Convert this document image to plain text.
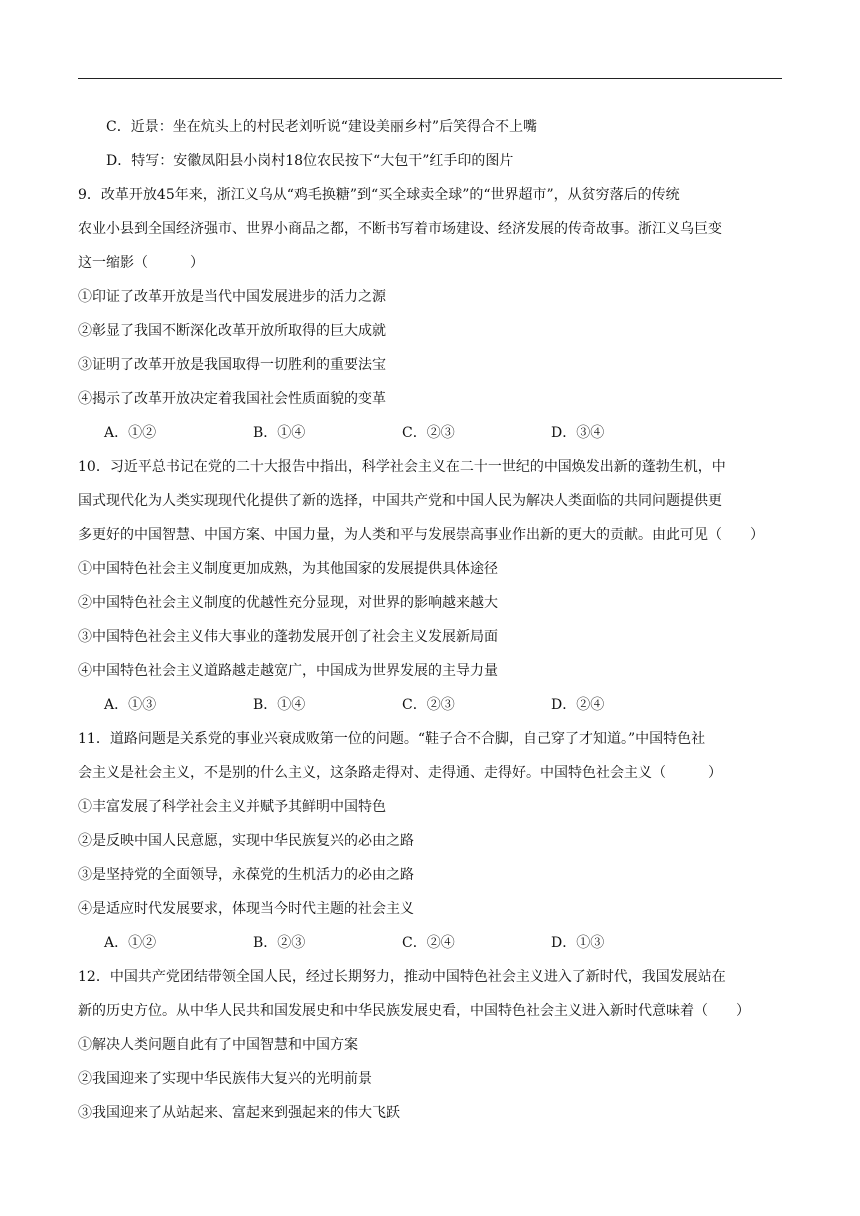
C．近景：坐在炕头上的村民老刘听说“建设美丽乡村”后笑得合不上嘴
D．特写：安徽凤阳县小岗村18位农民按下“大包干”红手印的图片
9．改革开放45年来，浙江义乌从“鸡毛换糖”到“买全球卖全球”的“世界超市”，从贫穷落后的传统
农业小县到全国经济强市、世界小商品之都，不断书写着市场建设、经济发展的传奇故事。浙江义乌巨变
这一缩影（　　　）
①印证了改革开放是当代中国发展进步的活力之源
②彰显了我国不断深化改革开放所取得的巨大成就
③证明了改革开放是我国取得一切胜利的重要法宝
④揭示了改革开放决定着我国社会性质面貌的变革
A．①②	B．①④	C．②③	D．③④
10．习近平总书记在党的二十大报告中指出，科学社会主义在二十一世纪的中国焕发出新的蓬勃生机，中
国式现代化为人类实现现代化提供了新的选择，中国共产党和中国人民为解决人类面临的共同问题提供更
多更好的中国智慧、中国方案、中国力量，为人类和平与发展崇高事业作出新的更大的贡献。由此可见（　　）
①中国特色社会主义制度更加成熟，为其他国家的发展提供具体途径
②中国特色社会主义制度的优越性充分显现，对世界的影响越来越大
③中国特色社会主义伟大事业的蓬勃发展开创了社会主义发展新局面
④中国特色社会主义道路越走越宽广，中国成为世界发展的主导力量
A．①③	B．①④	C．②③	D．②④
11．道路问题是关系党的事业兴衰成败第一位的问题。“鞋子合不合脚，自己穿了才知道。”中国特色社
会主义是社会主义，不是别的什么主义，这条路走得对、走得通、走得好。中国特色社会主义（　　　）
①丰富发展了科学社会主义并赋予其鲜明中国特色
②是反映中国人民意愿，实现中华民族复兴的必由之路
③是坚持党的全面领导，永葆党的生机活力的必由之路
④是适应时代发展要求，体现当今时代主题的社会主义
A．①②	B．②③	C．②④	D．①③
12．中国共产党团结带领全国人民，经过长期努力，推动中国特色社会主义进入了新时代，我国发展站在
新的历史方位。从中华人民共和国发展史和中华民族发展史看，中国特色社会主义进入新时代意味着（　　）
①解决人类问题自此有了中国智慧和中国方案
②我国迎来了实现中华民族伟大复兴的光明前景
③我国迎来了从站起来、富起来到强起来的伟大飞跃
